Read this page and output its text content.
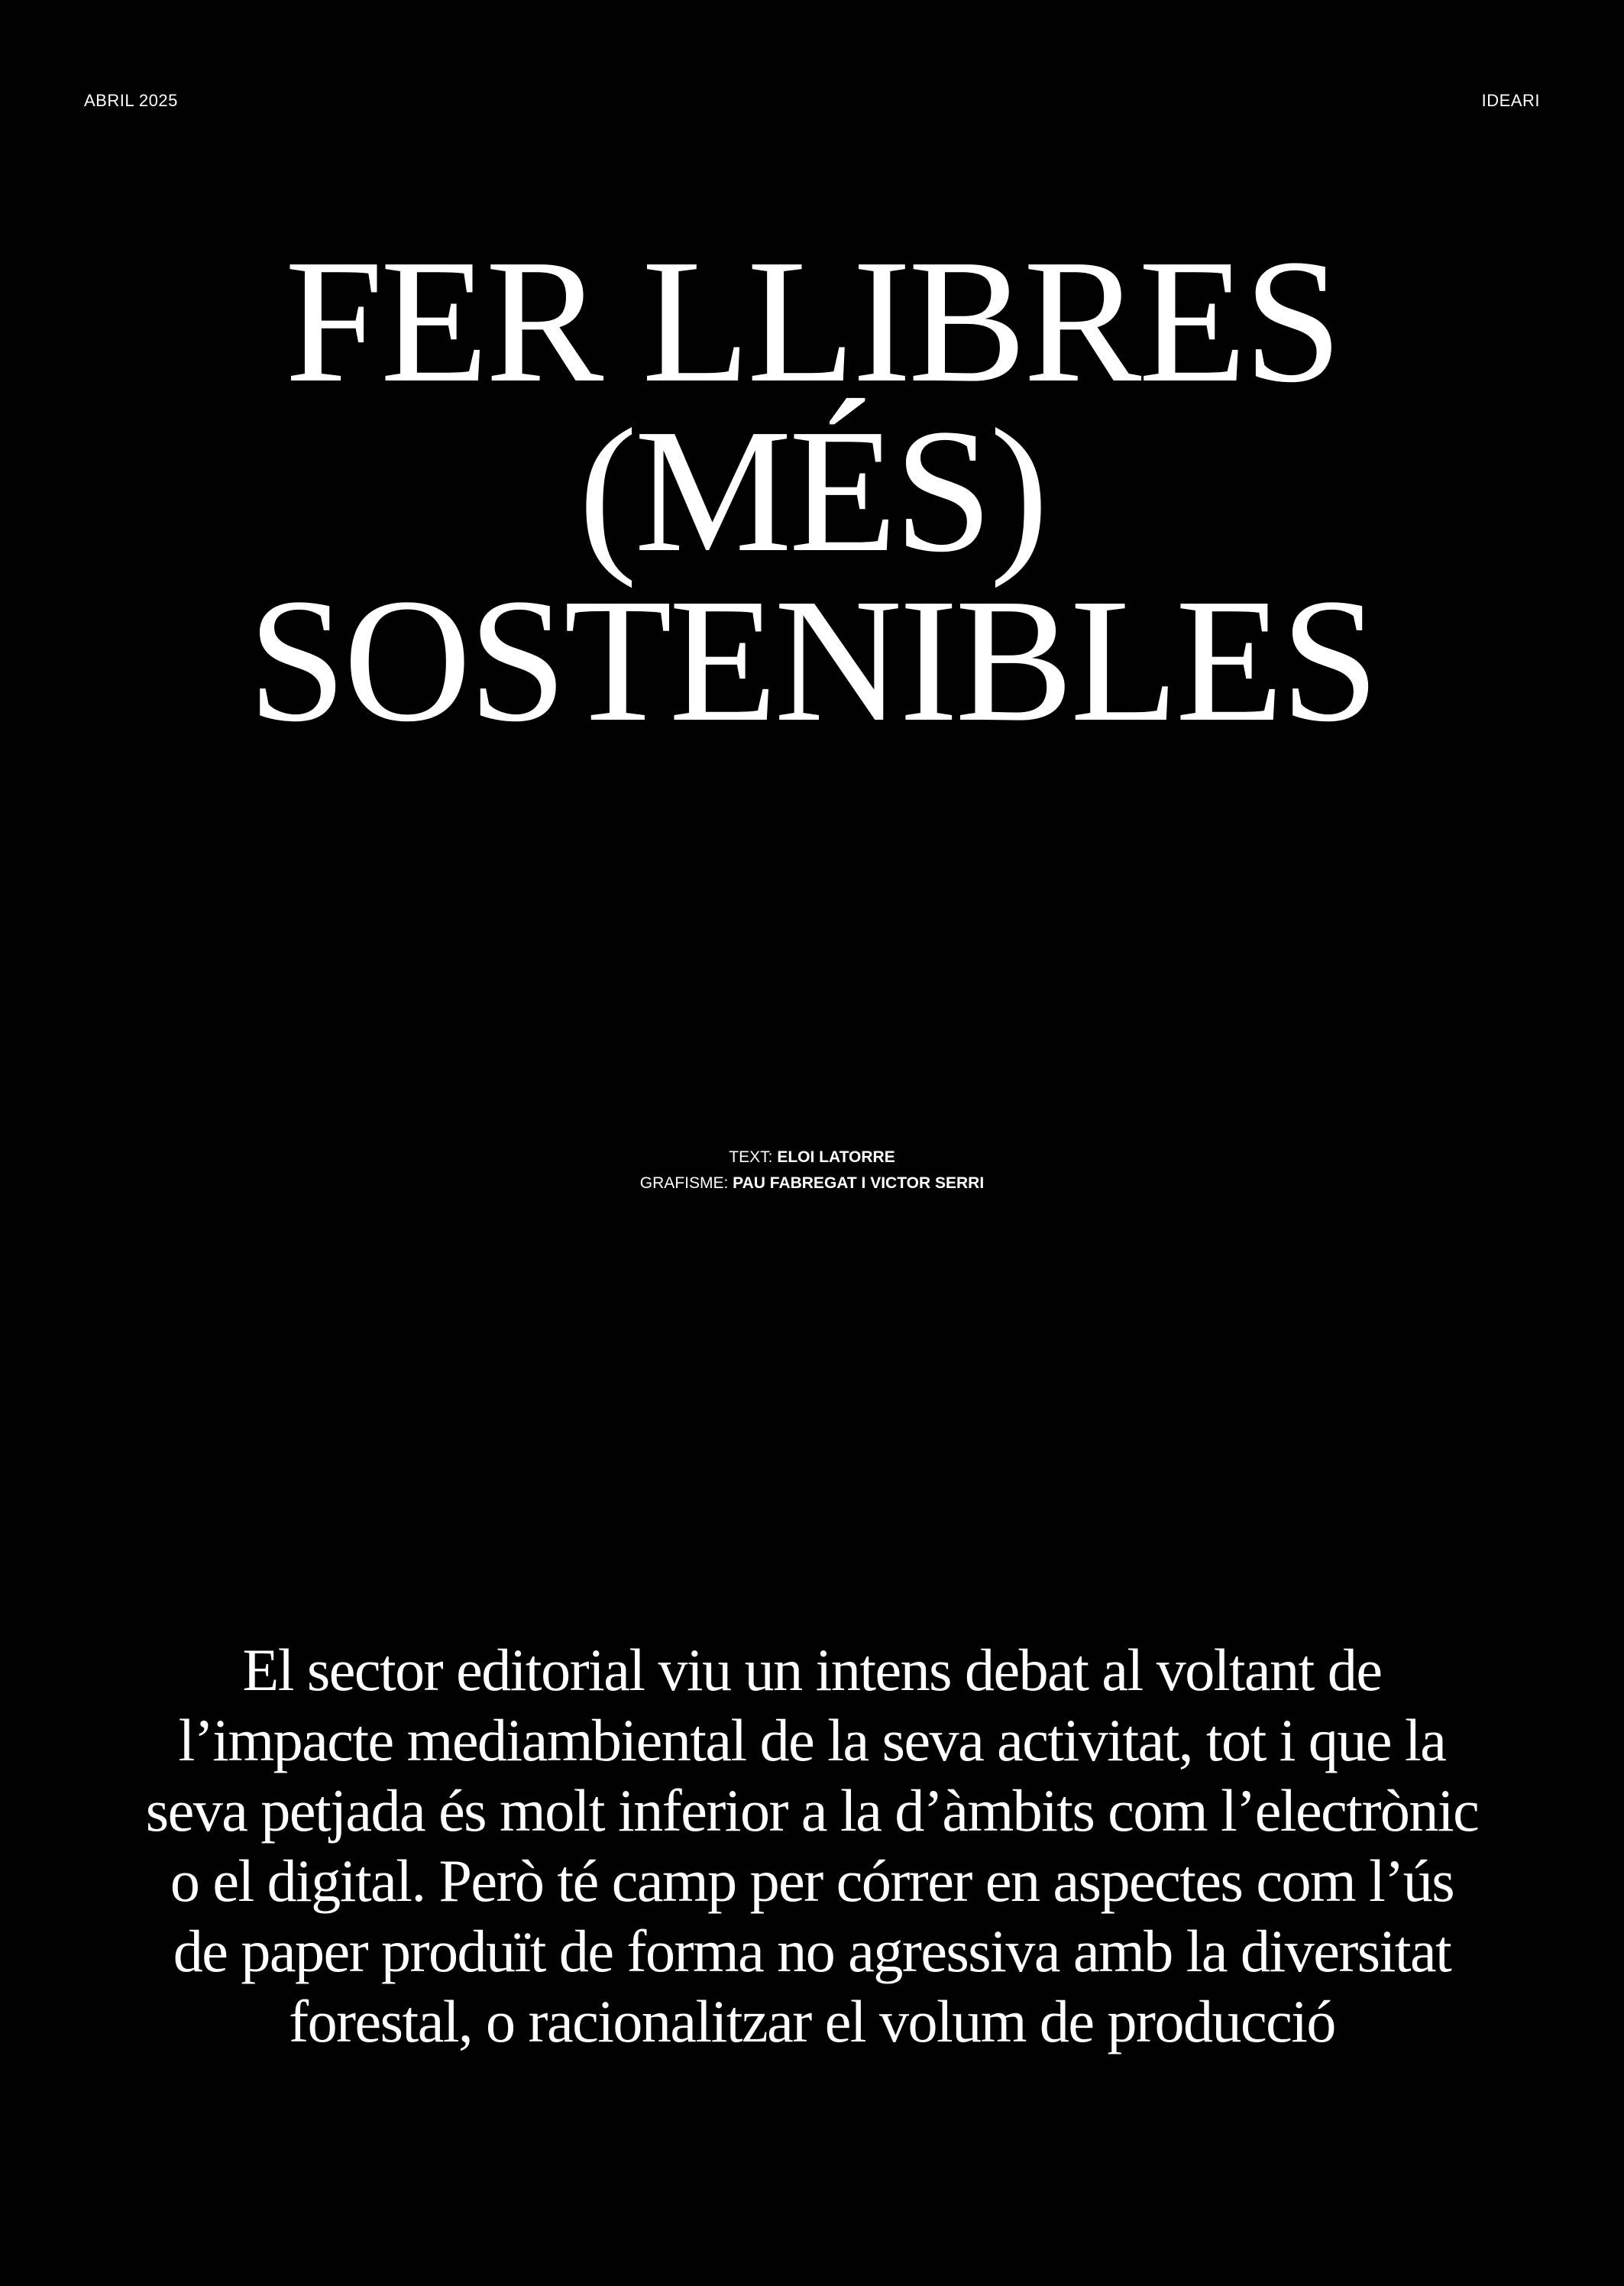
ABRIL 2025	IDEARI
FER LLIBRES
(MÉS)
SOSTENIBLES
TEXT: ELOI LATORRE
GRAFISME: PAU FABREGAT I VICTOR SERRI

El sector editorial viu un intens debat al voltant de
l’impacte mediambiental de la seva activitat, tot i que la
seva petjada és molt inferior a la d’àmbits com l’electrònic
o el digital. Però té camp per córrer en aspectes com l’ús
de paper produït de forma no agressiva amb la diversitat
forestal, o racionalitzar el volum de producció
